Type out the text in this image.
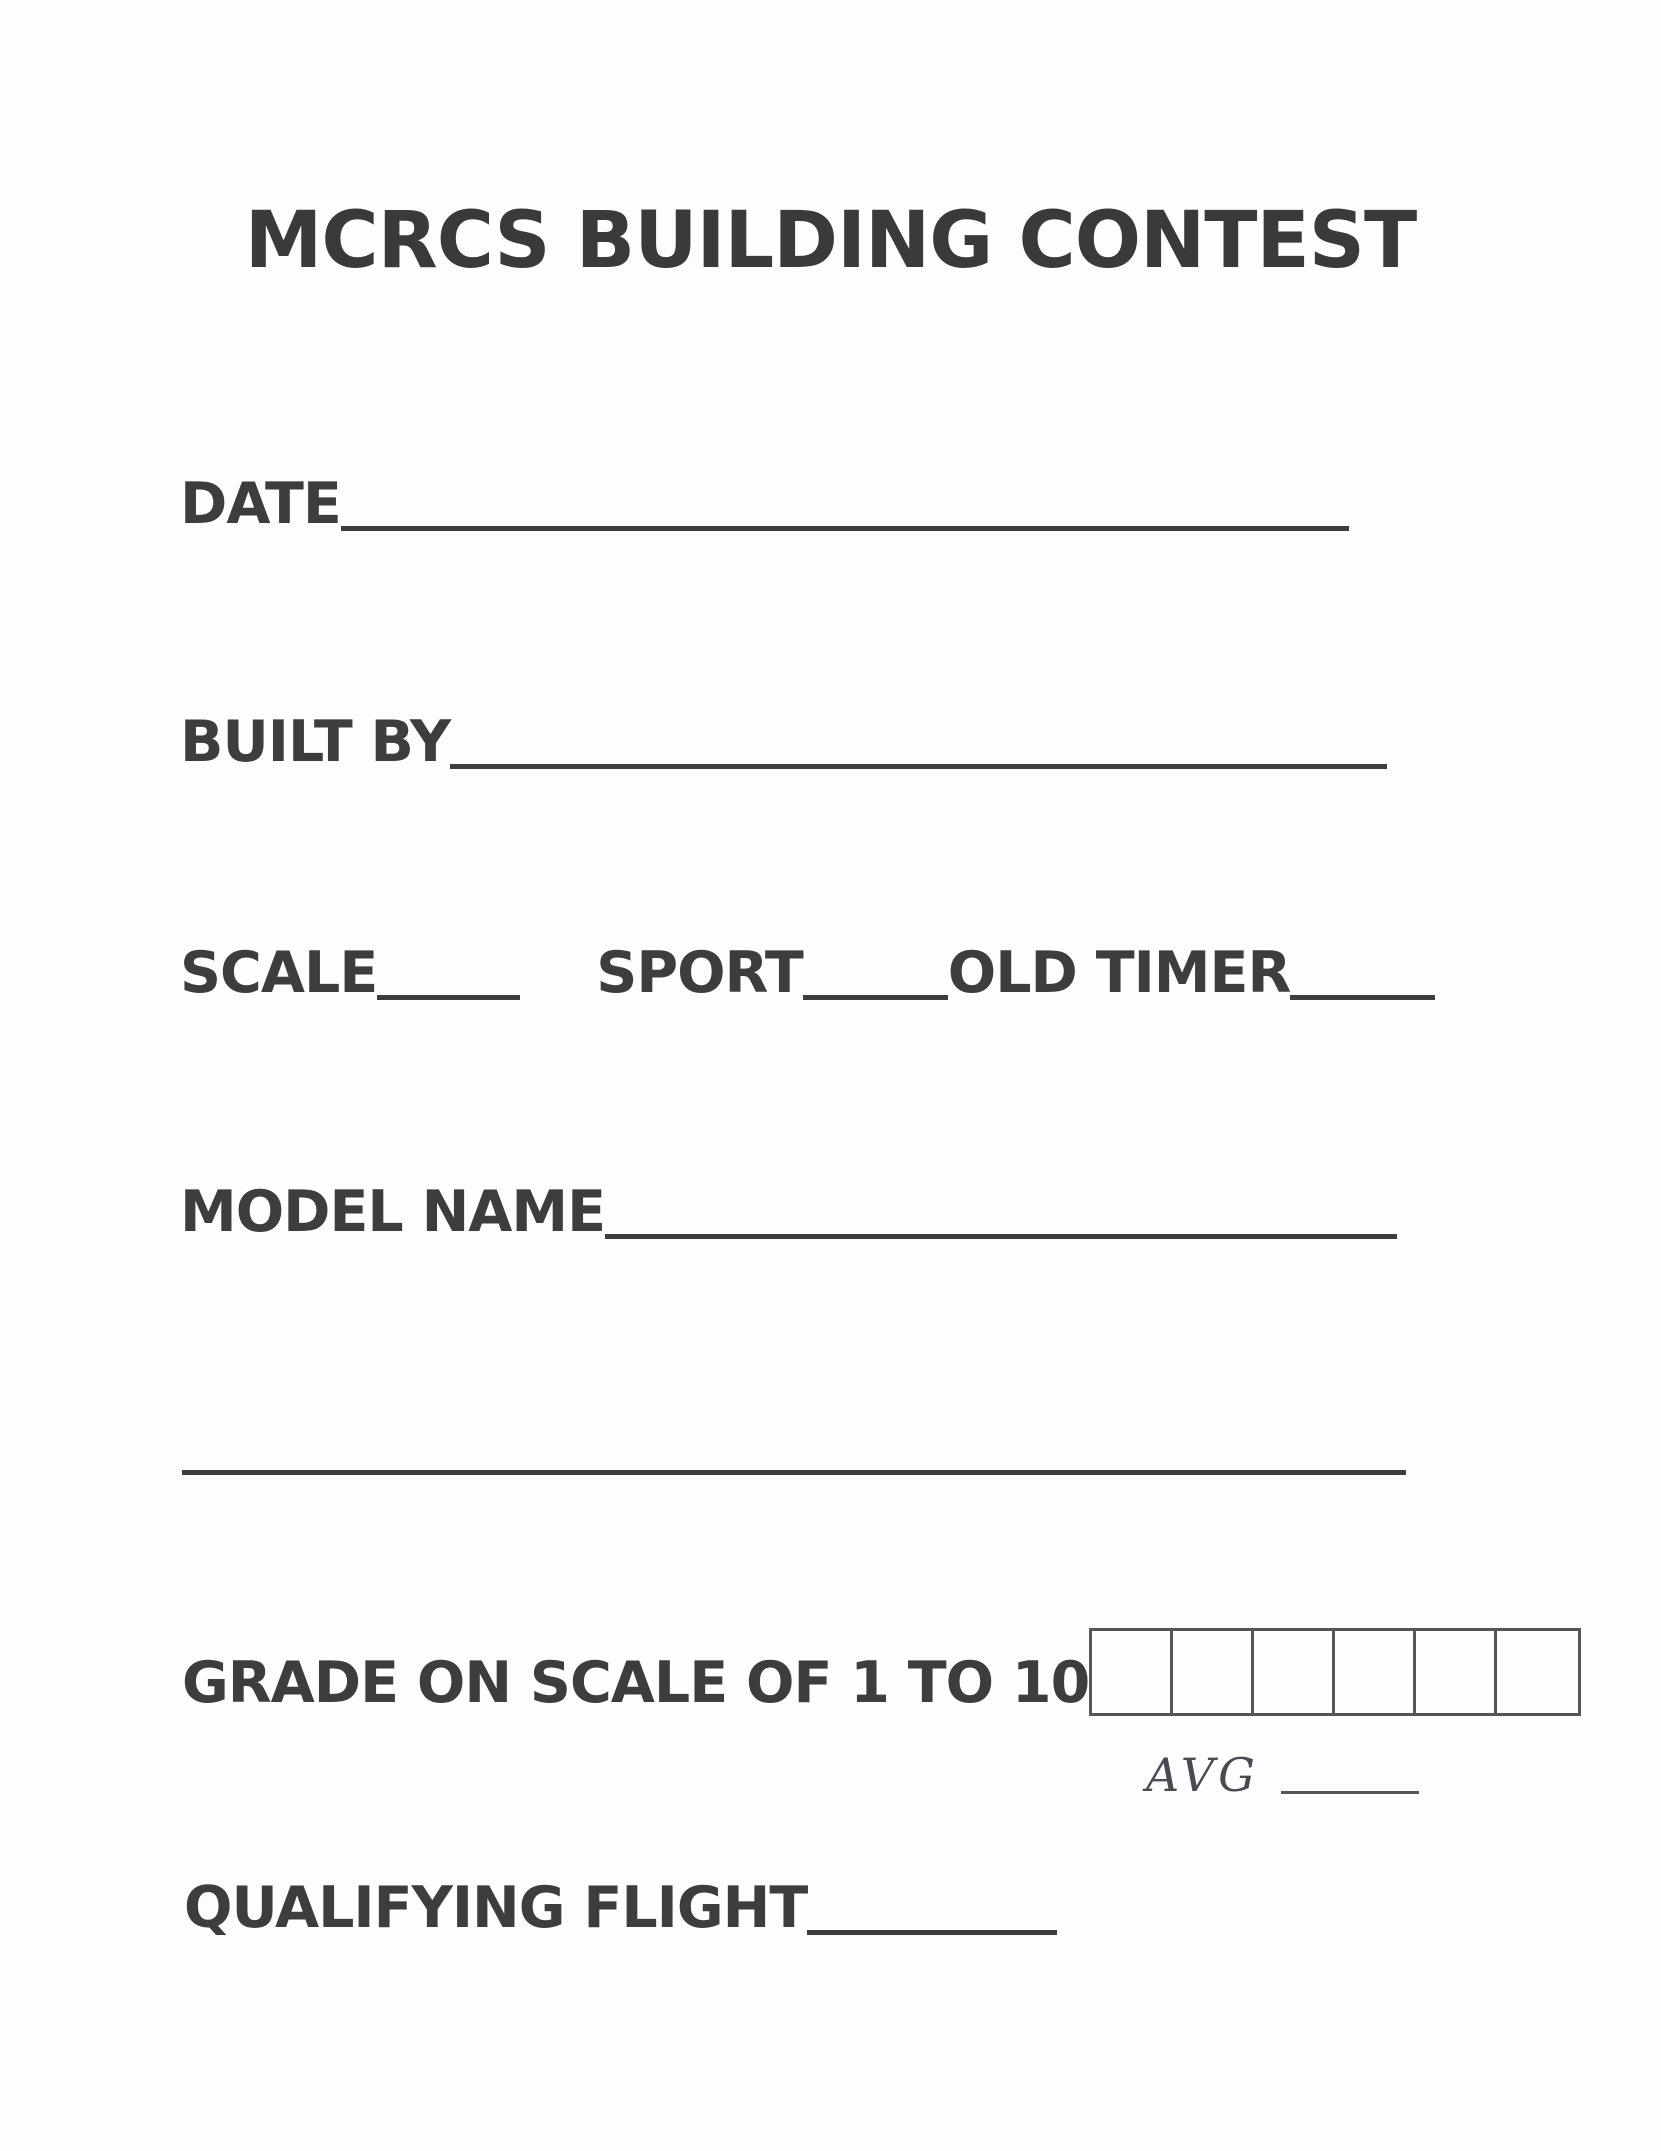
MCRCS BUILDING CONTEST
DATE
BUILT BY
SCALE	SPORT	OLD TIMER
MODEL NAME
GRADE ON SCALE OF 1 TO 10
AVG
QUALIFYING FLIGHT
